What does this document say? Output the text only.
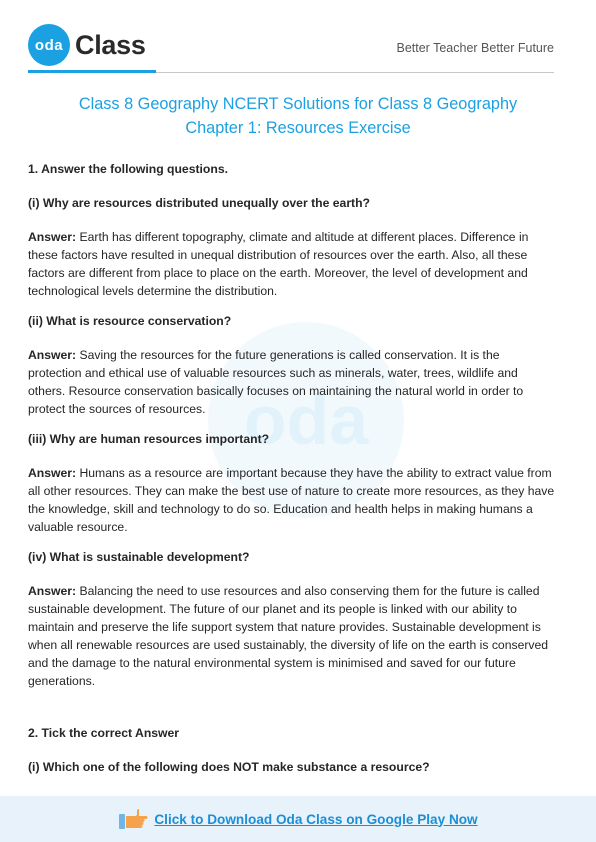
oda Class	Better Teacher Better Future
oda
Class 8 Geography NCERT Solutions for Class 8 Geography
Chapter 1: Resources Exercise

1. Answer the following questions.

(i) Why are resources distributed unequally over the earth?

Answer: Earth has different topography, climate and altitude at different places. Difference in these factors have resulted in unequal distribution of resources over the earth. Also, all these factors are different from place to place on the earth. Moreover, the level of development and technological levels determine the distribution.

(ii) What is resource conservation?

Answer: Saving the resources for the future generations is called conservation. It is the protection and ethical use of valuable resources such as minerals, water, trees, wildlife and others. Resource conservation basically focuses on maintaining the natural world in order to protect the sources of resources.

(iii) Why are human resources important?

Answer: Humans as a resource are important because they have the ability to extract value from all other resources. They can make the best use of nature to create more resources, as they have the knowledge, skill and technology to do so. Education and health helps in making humans a valuable resource.

(iv) What is sustainable development?

Answer: Balancing the need to use resources and also conserving them for the future is called sustainable development. The future of our planet and its people is linked with our ability to maintain and preserve the life support system that nature provides. Sustainable development is when all renewable resources are used sustainably, the diversity of life on the earth is conserved and the damage to the natural environmental system is minimised and saved for our future generations.

2. Tick the correct Answer

(i) Which one of the following does NOT make substance a resource?

Click to Download Oda Class on Google Play Now
